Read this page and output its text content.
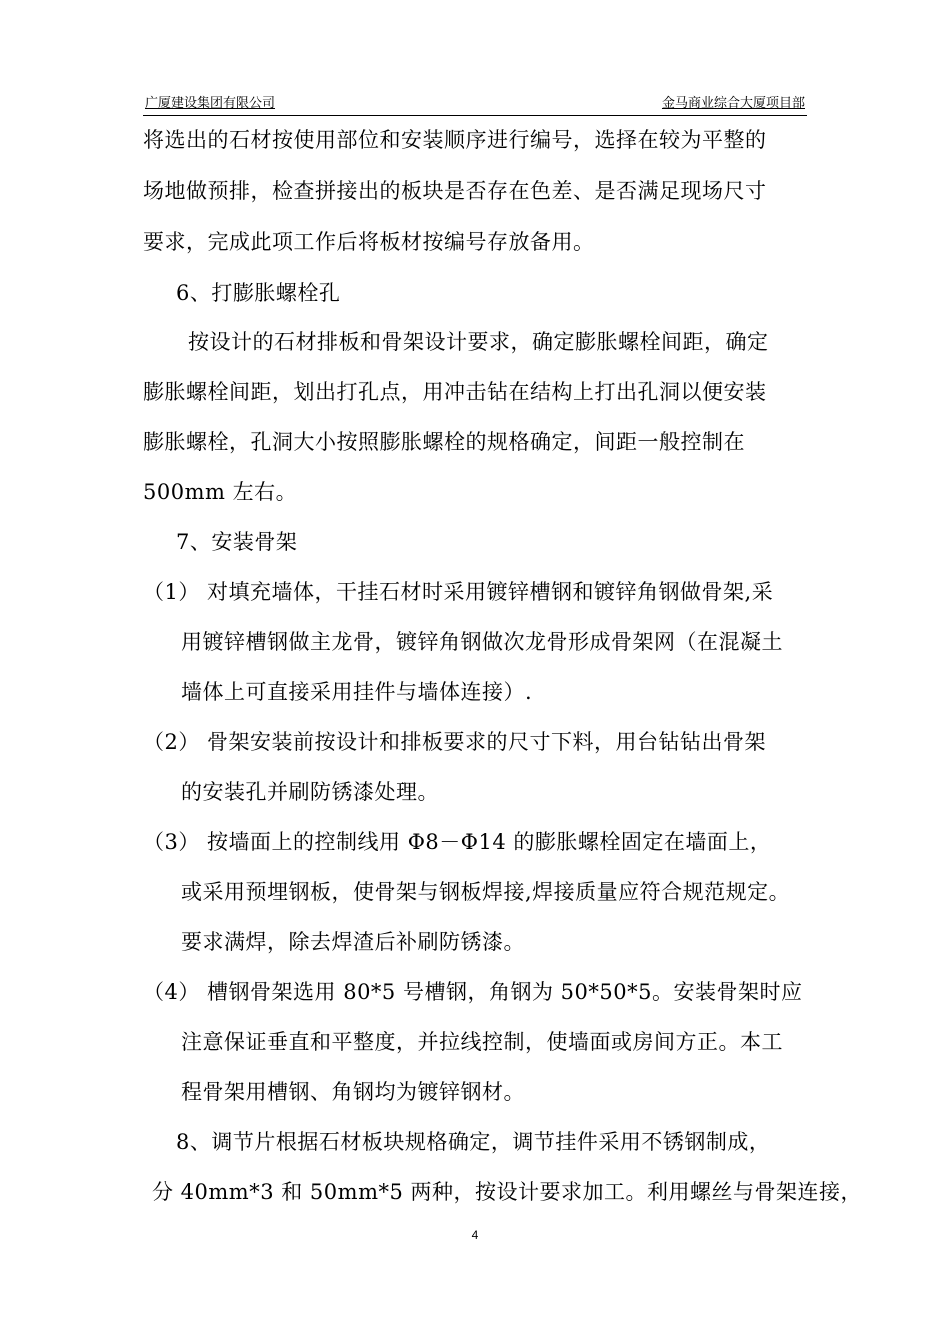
广厦建设集团有限公司	金马商业综合大厦项目部
将选出的石材按使用部位和安装顺序进行编号，选择在较为平整的
场地做预排，检查拼接出的板块是否存在色差、是否满足现场尺寸
要求，完成此项工作后将板材按编号存放备用。
6、打膨胀螺栓孔
按设计的石材排板和骨架设计要求，确定膨胀螺栓间距，确定
膨胀螺栓间距，划出打孔点，用冲击钻在结构上打出孔洞以便安装
膨胀螺栓，孔洞大小按照膨胀螺栓的规格确定，间距一般控制在
500mm 左右。
7、安装骨架
（1） 对填充墙体，干挂石材时采用镀锌槽钢和镀锌角钢做骨架,采
用镀锌槽钢做主龙骨，镀锌角钢做次龙骨形成骨架网（在混凝土
墙体上可直接采用挂件与墙体连接）.
（2） 骨架安装前按设计和排板要求的尺寸下料，用台钻钻出骨架
的安装孔并刷防锈漆处理。
（3） 按墙面上的控制线用 Φ8－Φ14 的膨胀螺栓固定在墙面上，
或采用预埋钢板，使骨架与钢板焊接,焊接质量应符合规范规定。
要求满焊，除去焊渣后补刷防锈漆。
（4） 槽钢骨架选用 80*5 号槽钢，角钢为 50*50*5。安装骨架时应
注意保证垂直和平整度，并拉线控制，使墙面或房间方正。本工
程骨架用槽钢、角钢均为镀锌钢材。
8、调节片根据石材板块规格确定，调节挂件采用不锈钢制成，
分 40mm*3 和 50mm*5 两种，按设计要求加工。利用螺丝与骨架连接，
4
